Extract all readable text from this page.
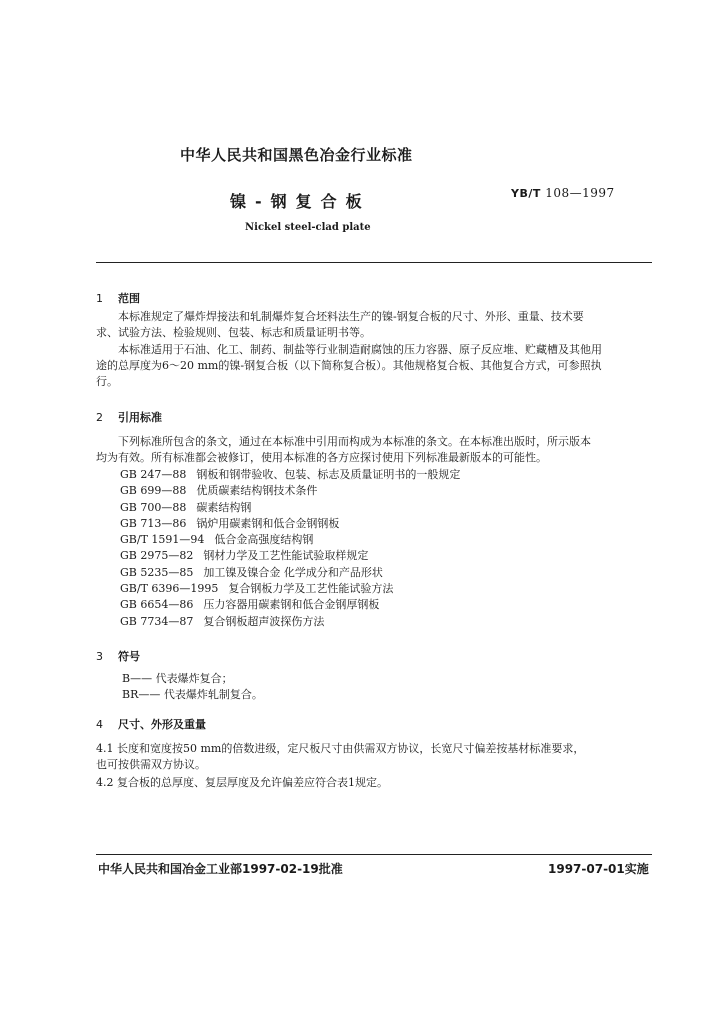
中华人民共和国黑色冶金行业标准
镍-钢复合板	YB/T 108—1997
Nickel steel-clad plate
1 范围
本标准规定了爆炸焊接法和轧制爆炸复合坯料法生产的镍-钢复合板的尺寸、外形、重量、技术要
求、试验方法、检验规则、包装、标志和质量证明书等。
本标准适用于石油、化工、制药、制盐等行业制造耐腐蚀的压力容器、原子反应堆、贮藏槽及其他用
途的总厚度为6～20 mm的镍-钢复合板（以下简称复合板）。其他规格复合板、其他复合方式，可参照执
行。
2 引用标准
下列标准所包含的条文，通过在本标准中引用而构成为本标准的条文。在本标准出版时，所示版本
均为有效。所有标准都会被修订，使用本标准的各方应探讨使用下列标准最新版本的可能性。
GB 247—88 钢板和钢带验收、包装、标志及质量证明书的一般规定
GB 699—88 优质碳素结构钢技术条件
GB 700—88 碳素结构钢
GB 713—86 锅炉用碳素钢和低合金钢钢板
GB/T 1591—94 低合金高强度结构钢
GB 2975—82 钢材力学及工艺性能试验取样规定
GB 5235—85 加工镍及镍合金 化学成分和产品形状
GB/T 6396—1995 复合钢板力学及工艺性能试验方法
GB 6654—86 压力容器用碳素钢和低合金钢厚钢板
GB 7734—87 复合钢板超声波探伤方法
3 符号
B—— 代表爆炸复合；
BR—— 代表爆炸轧制复合。
4 尺寸、外形及重量
4.1 长度和宽度按50 mm的倍数进级，定尺板尺寸由供需双方协议，长宽尺寸偏差按基材标准要求，
也可按供需双方协议。
4.2 复合板的总厚度、复层厚度及允许偏差应符合表1规定。
中华人民共和国冶金工业部1997-02-19批准	1997-07-01实施
